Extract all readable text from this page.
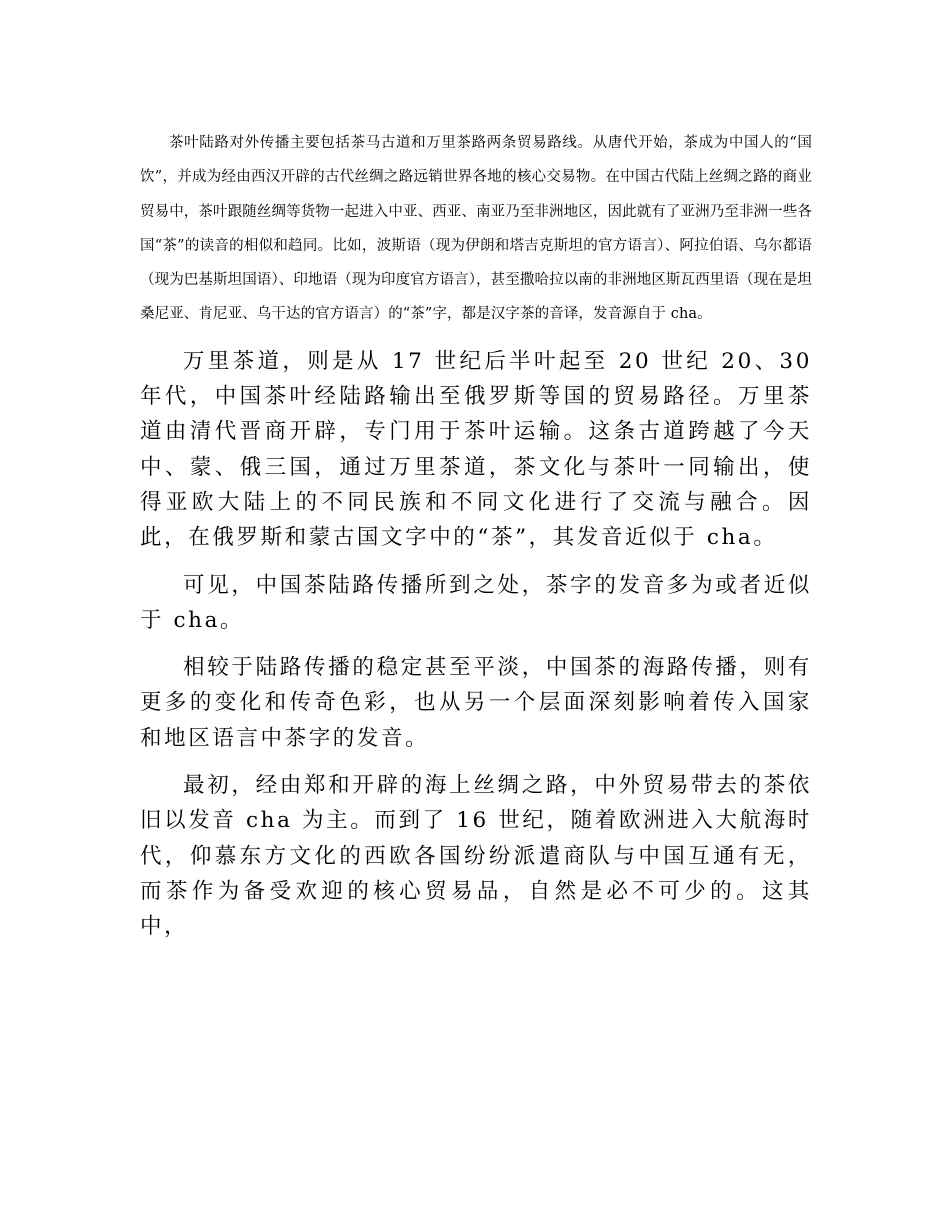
茶叶陆路对外传播主要包括茶马古道和万里茶路两条贸易路线。从唐代开始，茶成为中国人的“国饮”，并成为经由西汉开辟的古代丝绸之路远销世界各地的核心交易物。在中国古代陆上丝绸之路的商业贸易中，茶叶跟随丝绸等货物一起进入中亚、西亚、南亚乃至非洲地区，因此就有了亚洲乃至非洲一些各国“茶”的读音的相似和趋同。比如，波斯语（现为伊朗和塔吉克斯坦的官方语言）、阿拉伯语、乌尔都语（现为巴基斯坦国语）、印地语（现为印度官方语言），甚至撒哈拉以南的非洲地区斯瓦西里语（现在是坦桑尼亚、肯尼亚、乌干达的官方语言）的“茶”字，都是汉字茶的音译，发音源自于 cha。

万里茶道，则是从 17 世纪后半叶起至 20 世纪 20、30 年代，中国茶叶经陆路输出至俄罗斯等国的贸易路径。万里茶道由清代晋商开辟，专门用于茶叶运输。这条古道跨越了今天中、蒙、俄三国，通过万里茶道，茶文化与茶叶一同输出，使得亚欧大陆上的不同民族和不同文化进行了交流与融合。因此，在俄罗斯和蒙古国文字中的“茶”，其发音近似于 cha。

可见，中国茶陆路传播所到之处，茶字的发音多为或者近似于 cha。

相较于陆路传播的稳定甚至平淡，中国茶的海路传播，则有更多的变化和传奇色彩，也从另一个层面深刻影响着传入国家和地区语言中茶字的发音。

最初，经由郑和开辟的海上丝绸之路，中外贸易带去的茶依旧以发音 cha 为主。而到了 16 世纪，随着欧洲进入大航海时代，仰慕东方文化的西欧各国纷纷派遣商队与中国互通有无，而茶作为备受欢迎的核心贸易品，自然是必不可少的。这其中，
